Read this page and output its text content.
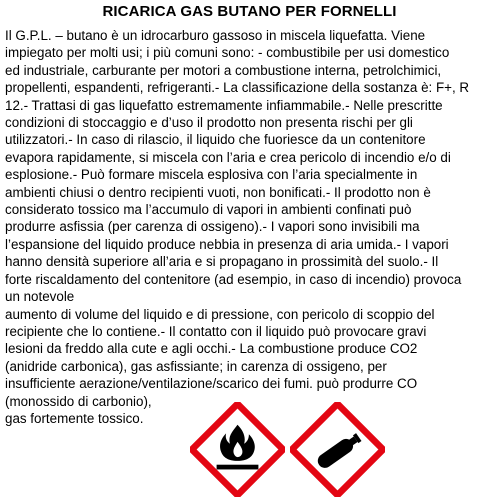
RICARICA GAS BUTANO PER FORNELLI
Il G.P.L. – butano è un idrocarburo gassoso in miscela liquefatta. Viene
impiegato per molti usi; i più comuni sono: - combustibile per usi domestico
ed industriale, carburante per motori a combustione interna, petrolchimici,
propellenti, espandenti, refrigeranti.- La classificazione della sostanza è: F+, R
12.- Trattasi di gas liquefatto estremamente infiammabile.- Nelle prescritte
condizioni di stoccaggio e d’uso il prodotto non presenta rischi per gli
utilizzatori.- In caso di rilascio, il liquido che fuoriesce da un contenitore
evapora rapidamente, si miscela con l’aria e crea pericolo di incendio e/o di
esplosione.- Può formare miscela esplosiva con l’aria specialmente in
ambienti chiusi o dentro recipienti vuoti, non bonificati.- Il prodotto non è
considerato tossico ma l’accumulo di vapori in ambienti confinati può
produrre asfissia (per carenza di ossigeno).- I vapori sono invisibili ma
l’espansione del liquido produce nebbia in presenza di aria umida.- I vapori
hanno densità superiore all’aria e si propagano in prossimità del suolo.- Il
forte riscaldamento del contenitore (ad esempio, in caso di incendio) provoca
un notevole
aumento di volume del liquido e di pressione, con pericolo di scoppio del
recipiente che lo contiene.- Il contatto con il liquido può provocare gravi
lesioni da freddo alla cute e agli occhi.- La combustione produce CO2
(anidride carbonica), gas asfissiante; in carenza di ossigeno, per
insufficiente aerazione/ventilazione/scarico dei fumi. può produrre CO
(monossido di carbonio),
gas fortemente tossico.
